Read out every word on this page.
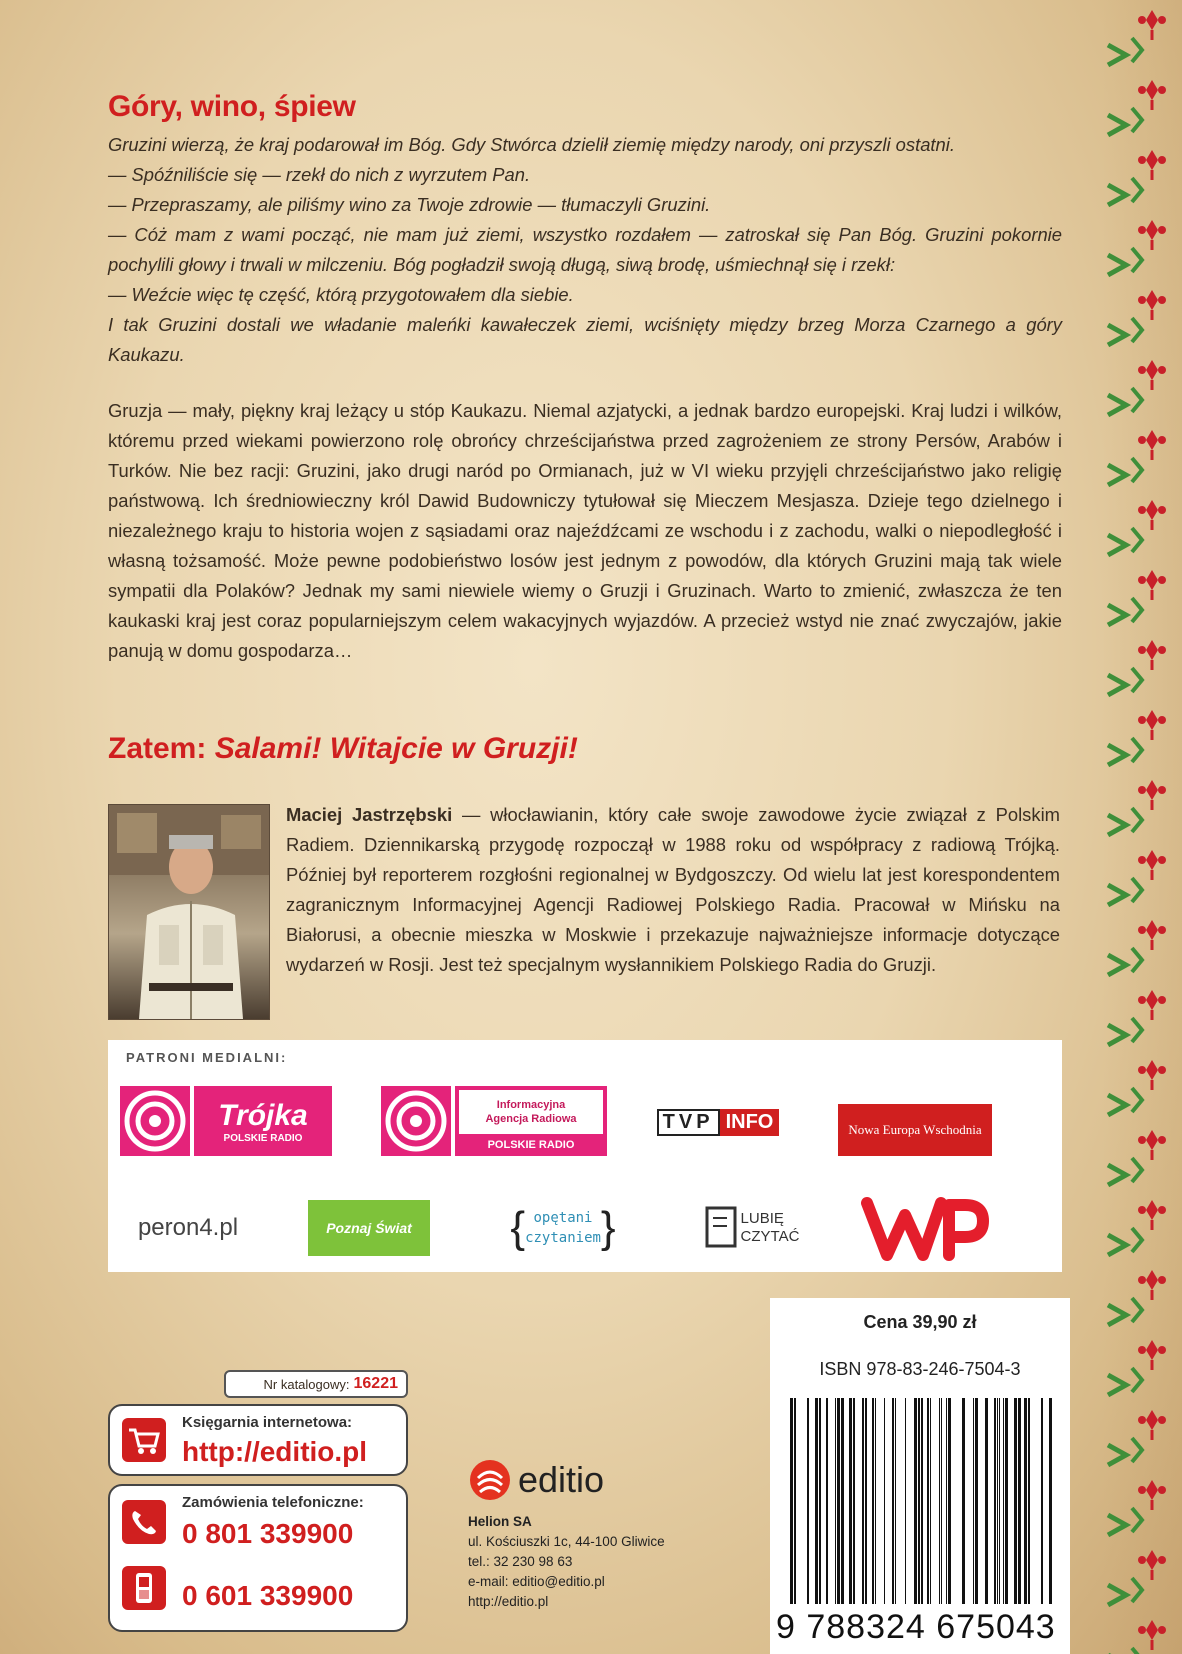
Góry, wino, śpiew

Gruzini wierzą, że kraj podarował im Bóg. Gdy Stwórca dzielił ziemię między narody, oni przyszli ostatni.

— Spóźniliście się — rzekł do nich z wyrzutem Pan.

— Przepraszamy, ale piliśmy wino za Twoje zdrowie — tłumaczyli Gruzini.

— Cóż mam z wami począć, nie mam już ziemi, wszystko rozdałem — zatroskał się Pan Bóg. Gruzini pokornie pochylili głowy i trwali w milczeniu. Bóg pogładził swoją długą, siwą brodę, uśmiechnął się i rzekł:

— Weźcie więc tę część, którą przygotowałem dla siebie.

I tak Gruzini dostali we władanie maleńki kawałeczek ziemi, wciśnięty między brzeg Morza Czarnego a góry Kaukazu.

Gruzja — mały, piękny kraj leżący u stóp Kaukazu. Niemal azjatycki, a jednak bardzo europejski. Kraj ludzi i wilków, któremu przed wiekami powierzono rolę obrońcy chrześcijaństwa przed zagrożeniem ze strony Persów, Arabów i Turków. Nie bez racji: Gruzini, jako drugi naród po Ormianach, już w VI wieku przyjęli chrześcijaństwo jako religię państwową. Ich średniowieczny król Dawid Budowniczy tytułował się Mieczem Mesjasza. Dzieje tego dzielnego i niezależnego kraju to historia wojen z sąsiadami oraz najeźdźcami ze wschodu i z zachodu, walki o niepodległość i własną tożsamość. Może pewne podobieństwo losów jest jednym z powodów, dla których Gruzini mają tak wiele sympatii dla Polaków? Jednak my sami niewiele wiemy o Gruzji i Gruzinach. Warto to zmienić, zwłaszcza że ten kaukaski kraj jest coraz popularniejszym celem wakacyjnych wyjazdów. A przecież wstyd nie znać zwyczajów, jakie panują w domu gospodarza…
Zatem: Salami! Witajcie w Gruzji!
Maciej Jastrzębski — włocławianin, który całe swoje zawodowe życie związał z Polskim Radiem. Dziennikarską przygodę rozpoczął w 1988 roku od współpracy z radiową Trójką. Później był reporterem rozgłośni regionalnej w Bydgoszczy. Od wielu lat jest korespondentem zagranicznym Informacyjnej Agencji Radiowej Polskiego Radia. Pracował w Mińsku na Białorusi, a obecnie mieszka w Moskwie i przekazuje najważniejsze informacje dotyczące wydarzeń w Rosji. Jest też specjalnym wysłannikiem Polskiego Radia do Gruzji.
PATRONI MEDIALNI:
Trójka
POLSKIE RADIO
Informacyjna
Agencja Radiowa
POLSKIE RADIO
TVP INFO	Nowa Europa Wschodnia
peron4.pl	Poznaj Świat { opętani
czytaniem }	LUBIĘ
CZYTAĆ
Nr katalogowy: 16221
Księgarnia internetowa:
http://editio.pl
Zamówienia telefoniczne:
0 801 339900
0 601 339900
editio
Helion SA
ul. Kościuszki 1c, 44-100 Gliwice
tel.: 32 230 98 63
e-mail: editio@editio.pl
http://editio.pl
Cena 39,90 zł
ISBN 978-83-246-7504-3
9 788324 675043
